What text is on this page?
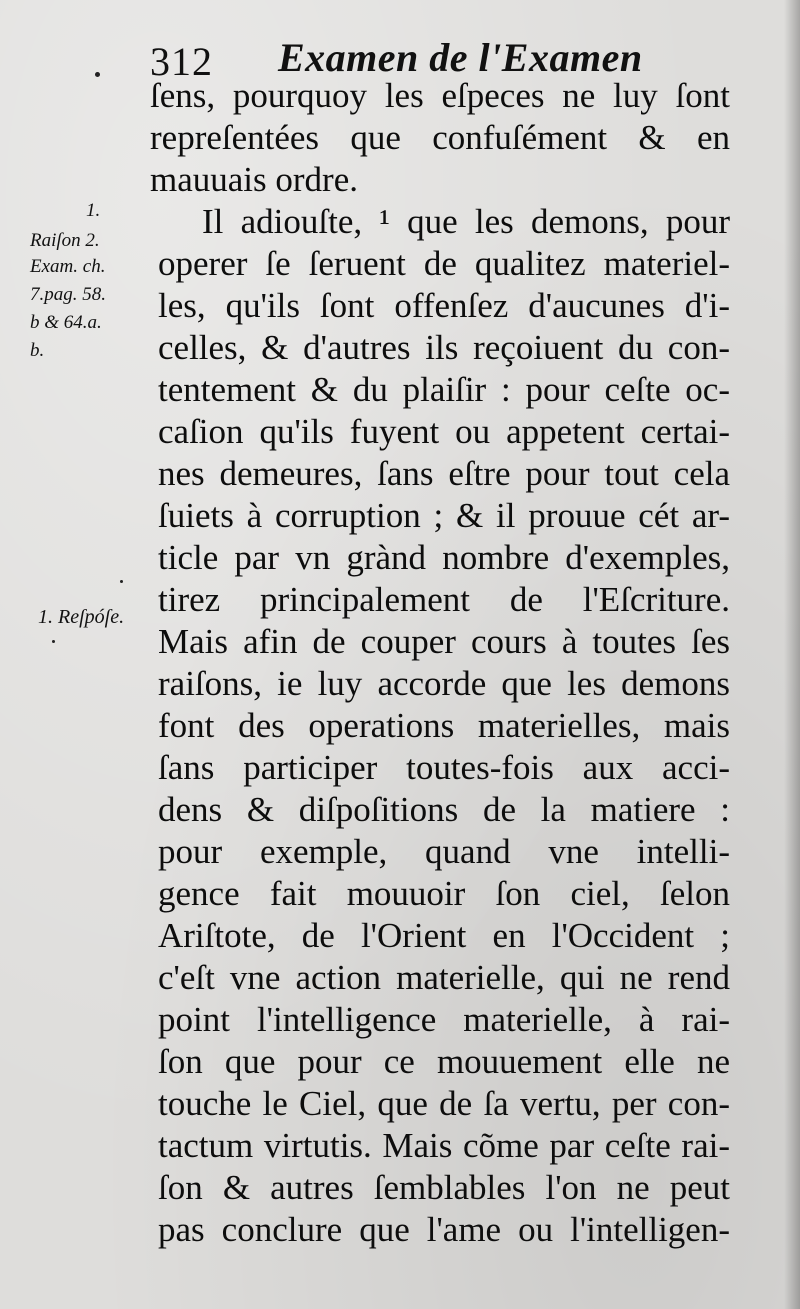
312 Examen de l'Examen
1.
Raiſon 2.
Exam. ch.
7.pag. 58.
b & 64.a.
b.
1. Reſpóſe.
ſens, pourquoy les eſpeces ne luy ſont
repreſentées que confuſément & en
mauuais ordre.
Il adiouſte, ¹ que les demons, pour
operer ſe ſeruent de qualitez materiel-
les, qu'ils ſont offenſez d'aucunes d'i-
celles, & d'autres ils reçoiuent du con-
tentement & du plaiſir : pour ceſte oc-
caſion qu'ils fuyent ou appetent certai-
nes demeures, ſans eſtre pour tout cela
ſuiets à corruption ; & il prouue cét ar-
ticle par vn grànd nombre d'exemples,
tirez principalement de l'Eſcriture.
Mais afin de couper cours à toutes ſes
raiſons, ie luy accorde que les demons
font des operations materielles, mais
ſans participer toutes-fois aux acci-
dens & diſpoſitions de la matiere :
pour exemple, quand vne intelli-
gence fait mouuoir ſon ciel, ſelon
Ariſtote, de l'Orient en l'Occident ;
c'eſt vne action materielle, qui ne rend
point l'intelligence materielle, à rai-
ſon que pour ce mouuement elle ne
touche le Ciel, que de ſa vertu, per con-
tactum virtutis. Mais cõme par ceſte rai-
ſon & autres ſemblables l'on ne peut
pas conclure que l'ame ou l'intelligen-
